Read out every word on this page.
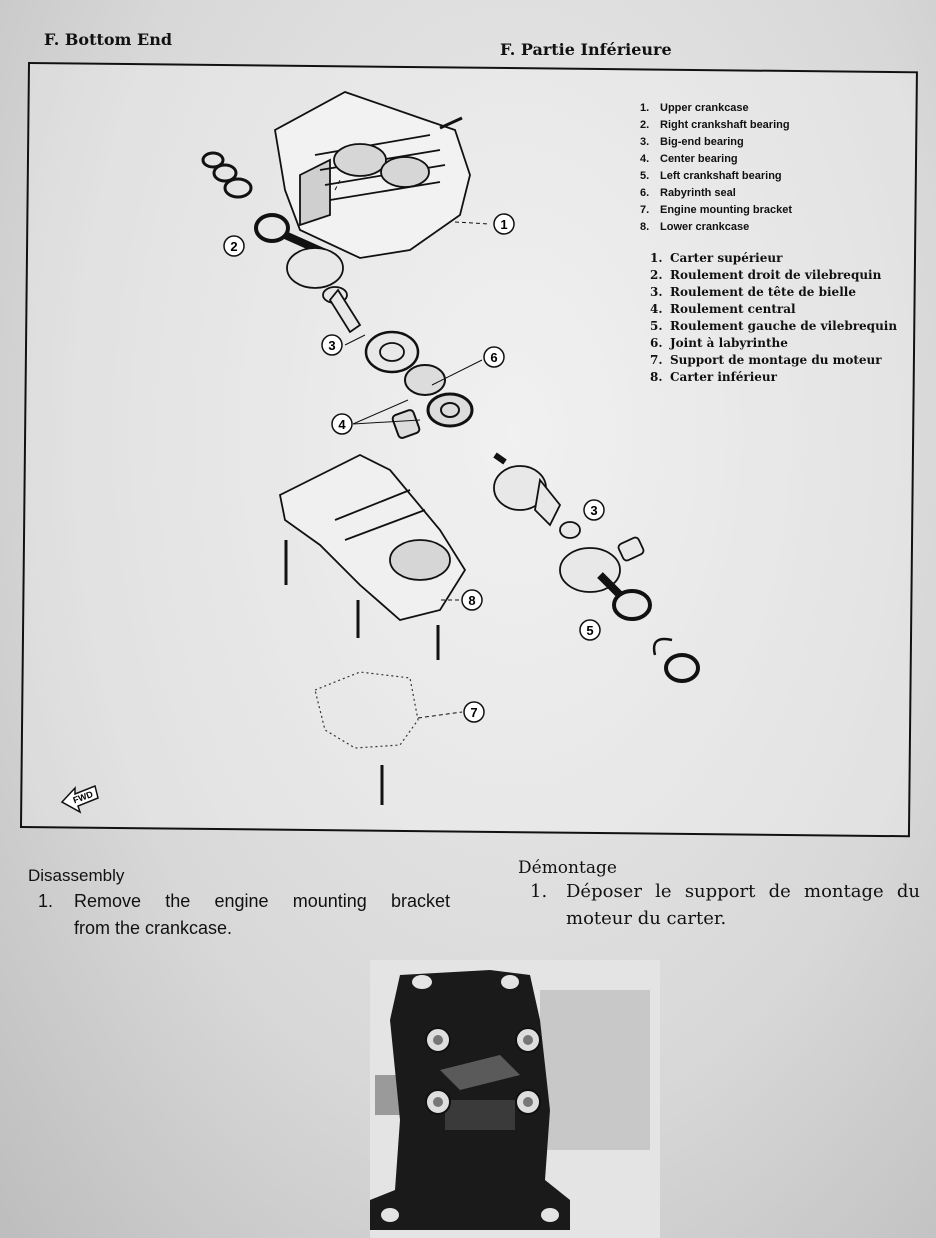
F. Bottom End
F. Partie Inférieure
1
2
3
4
6
3
8
5
7
FWD
1. Upper crankcase
2. Right crankshaft bearing
3. Big-end bearing
4. Center bearing
5. Left crankshaft bearing
6. Rabyrinth seal
7. Engine mounting bracket
8. Lower crankcase
1. Carter supérieur
2. Roulement droit de vilebrequin
3. Roulement de tête de bielle
4. Roulement central
5. Roulement gauche de vilebrequin
6. Joint à labyrinthe
7. Support de montage du moteur
8. Carter inférieur
Disassembly
1. Remove the engine mounting bracket
from the crankcase.
Démontage
1. Déposer le support de montage du
moteur du carter.
